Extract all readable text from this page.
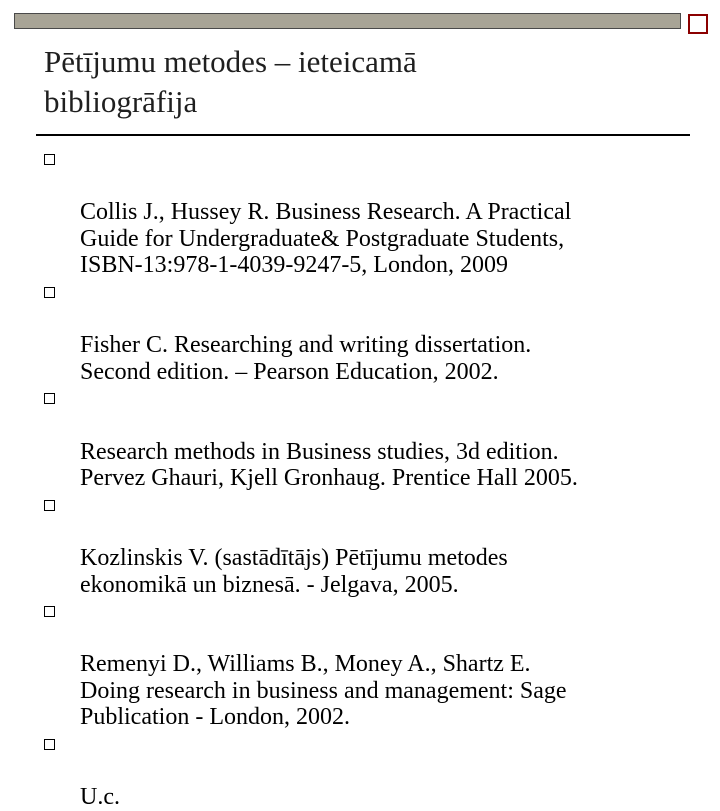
Pētījumu metodes – ieteicamā
bibliogrāfija

Collis J., Hussey R. Business Research. A Practical
Guide for Undergraduate& Postgraduate Students,
ISBN-13:978-1-4039-9247-5, London, 2009

Fisher C. Researching and writing dissertation.
Second edition. – Pearson Education, 2002.

Research methods in Business studies, 3d edition.
Pervez Ghauri, Kjell Gronhaug. Prentice Hall 2005.

Kozlinskis V. (sastādītājs) Pētījumu metodes
ekonomikā un biznesā. - Jelgava, 2005.

Remenyi D., Williams B., Money A., Shartz E.
Doing research in business and management: Sage
Publication - London, 2002.

U.c.
